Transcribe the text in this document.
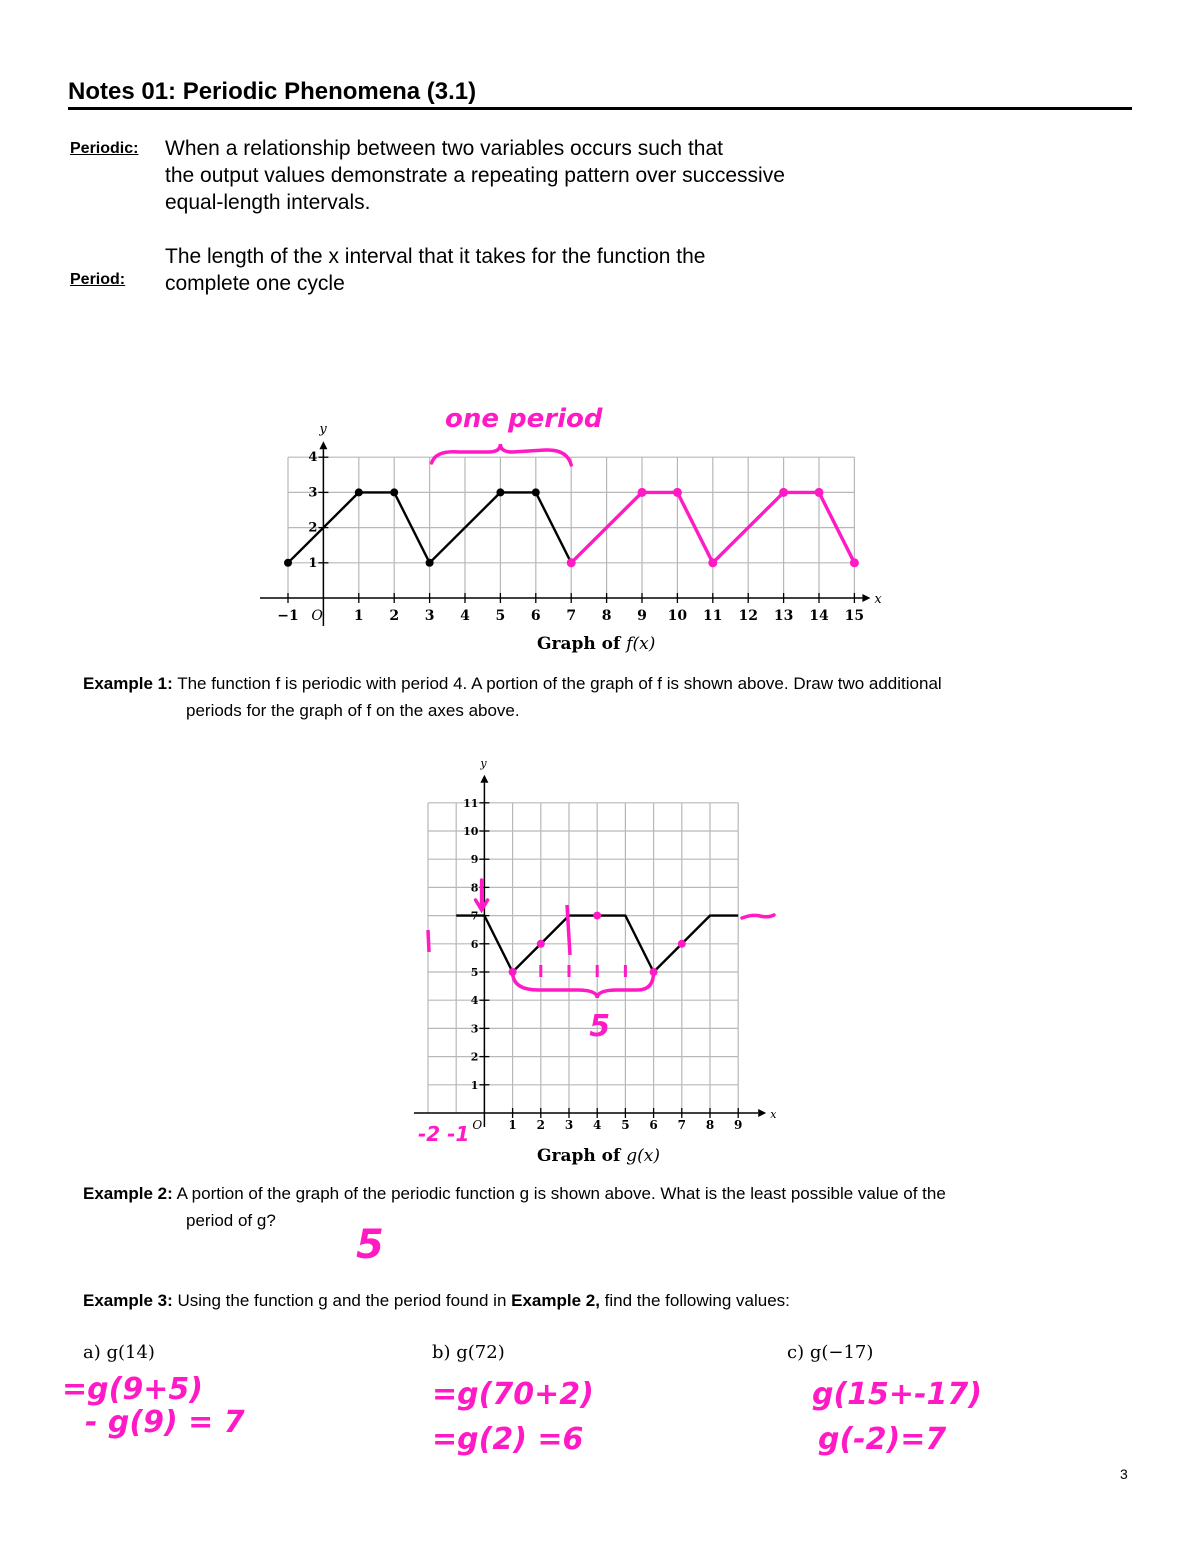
Notes 01: Periodic Phenomena (3.1)
Periodic: When a relationship between two variables occurs such that
the output values demonstrate a repeating pattern over successive
equal-length intervals.
Period:
The length of the x interval that it takes for the function the
complete one cycle
x
y
O
−1	1 2 3 4 5 6 7 8 9 10 11 12 13 14 15
1
2
3
4
one period
Graph of f(x)
Example 1: The function f is periodic with period 4. A portion of the graph of f is shown above. Draw two additional
periods for the graph of f on the axes above.
x
y
O 1 2 3 4 5 6 7 8 9
1
2
3
4
5
6
7
8
9
10
11
5
-2 -1
Graph of g(x)
Example 2: A portion of the graph of the periodic function g is shown above. What is the least possible value of the
period of g?
5
Example 3: Using the function g and the period found in Example 2, find the following values:
a) g(14)
=g(9+5)
- g(9) = 7
b) g(72)
=g(70+2)
=g(2) =6
c) g(−17)
g(15+-17)
g(-2)=7
3
